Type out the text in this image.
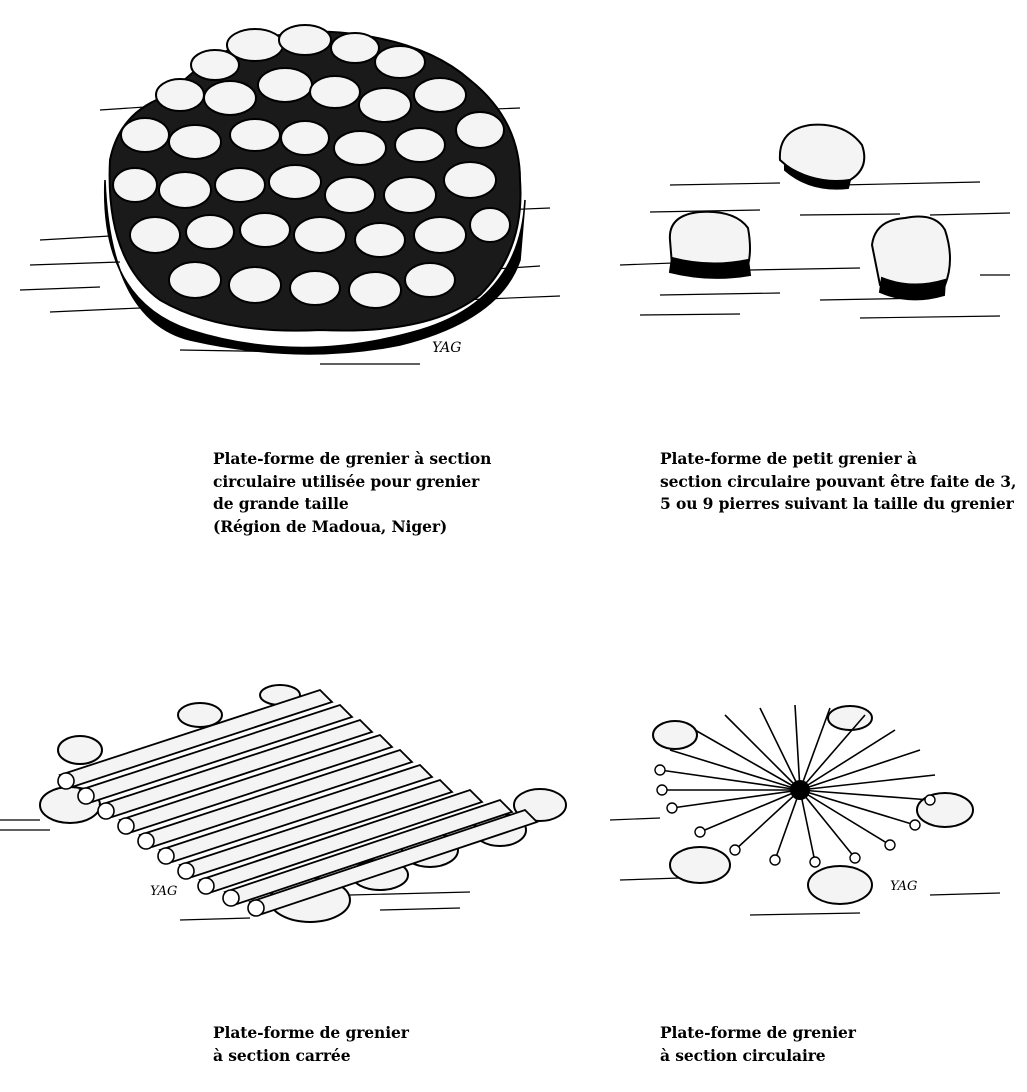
YAG
Plate-forme de grenier à section
circulaire utilisée pour grenier
de grande taille
(Région de Madoua, Niger)
Plate-forme de petit grenier à
section circulaire pouvant être faite de 3,
5 ou 9 pierres suivant la taille du grenier
YAG	YAG
Plate-forme de grenier
à section carrée
Plate-forme de grenier
à section circulaire
